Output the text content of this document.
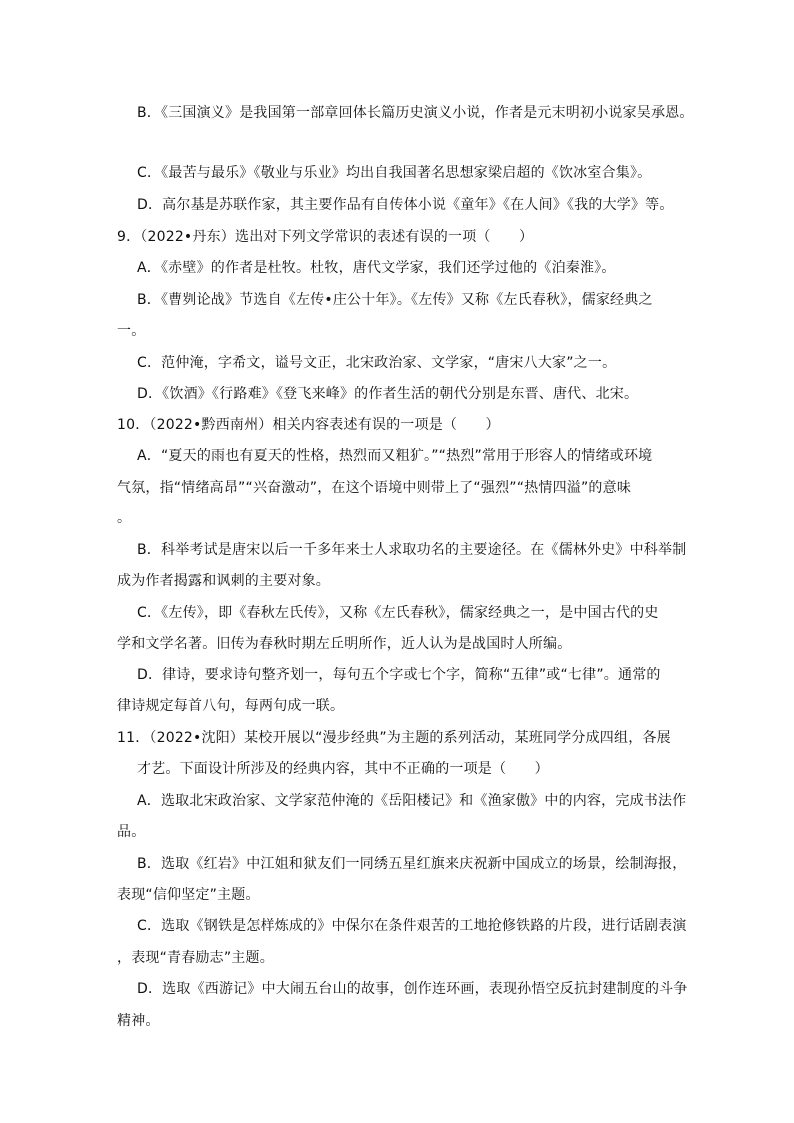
B．《三国演义》是我国第一部章回体长篇历史演义小说，作者是元末明初小说家吴承恩。
C．《最苦与最乐》《敬业与乐业》均出自我国著名思想家梁启超的《饮冰室合集》。
D．高尔基是苏联作家，其主要作品有自传体小说《童年》《在人间》《我的大学》等。
9．（2022•丹东）选出对下列文学常识的表述有误的一项（　　）
A．《赤壁》的作者是杜牧。杜牧，唐代文学家，我们还学过他的《泊秦淮》。
B．《曹刿论战》节选自《左传•庄公十年》。《左传》又称《左氏春秋》，儒家经典之
一。
C．范仲淹，字希文，谥号文正，北宋政治家、文学家，“唐宋八大家”之一。
D．《饮酒》《行路难》《登飞来峰》的作者生活的朝代分别是东晋、唐代、北宋。
10．（2022•黔西南州）相关内容表述有误的一项是（　　）
A．“夏天的雨也有夏天的性格，热烈而又粗犷。”“热烈”常用于形容人的情绪或环境
气氛，指“情绪高昂”“兴奋激动”，在这个语境中则带上了“强烈”“热情四溢”的意味
。
B．科举考试是唐宋以后一千多年来士人求取功名的主要途径。在《儒林外史》中科举制
成为作者揭露和讽刺的主要对象。
C．《左传》，即《春秋左氏传》，又称《左氏春秋》，儒家经典之一，是中国古代的史
学和文学名著。旧传为春秋时期左丘明所作，近人认为是战国时人所编。
D．律诗，要求诗句整齐划一，每句五个字或七个字，简称“五律”或“七律”。通常的
律诗规定每首八句，每两句成一联。
11．（2022•沈阳）某校开展以“漫步经典”为主题的系列活动，某班同学分成四组，各展
才艺。下面设计所涉及的经典内容，其中不正确的一项是（　　）
A．选取北宋政治家、文学家范仲淹的《岳阳楼记》和《渔家傲》中的内容，完成书法作
品。
B．选取《红岩》中江姐和狱友们一同绣五星红旗来庆祝新中国成立的场景，绘制海报，
表现“信仰坚定”主题。
C．选取《钢铁是怎样炼成的》中保尔在条件艰苦的工地抢修铁路的片段，进行话剧表演
，表现“青春励志”主题。
D．选取《西游记》中大闹五台山的故事，创作连环画，表现孙悟空反抗封建制度的斗争
精神。
